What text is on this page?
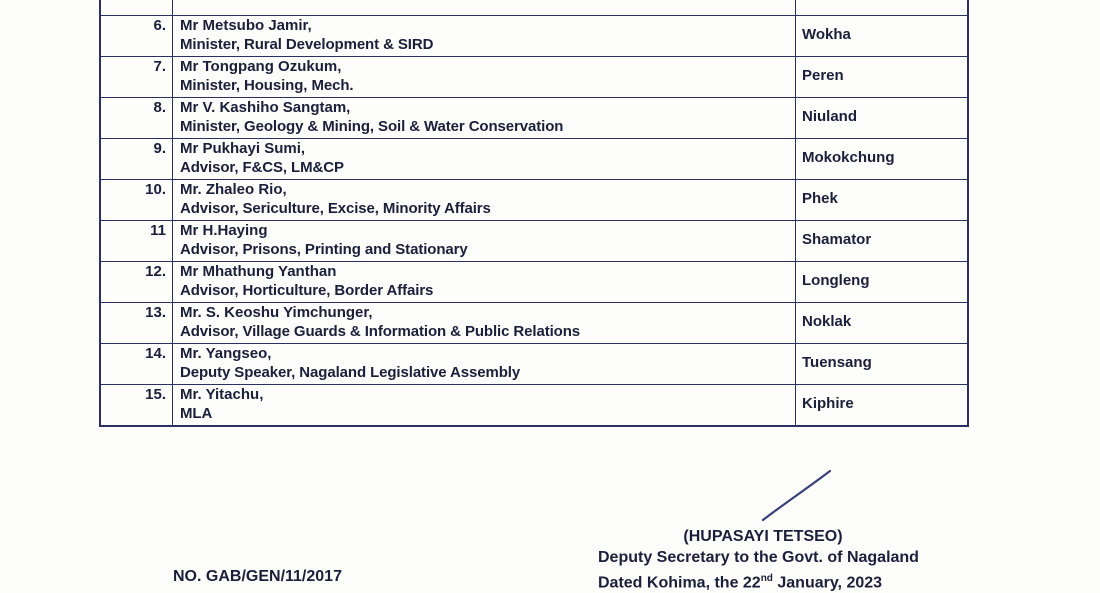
6. Mr Metsubo Jamir,
Minister, Rural Development & SIRD
Wokha
7. Mr Tongpang Ozukum,
Minister, Housing, Mech.
Peren
8. Mr V. Kashiho Sangtam,
Minister, Geology & Mining, Soil & Water Conservation
Niuland
9. Mr Pukhayi Sumi,
Advisor, F&CS, LM&CP
Mokokchung
10. Mr. Zhaleo Rio,
Advisor, Sericulture, Excise, Minority Affairs
Phek
11 Mr H.Haying
Advisor, Prisons, Printing and Stationary
Shamator
12. Mr Mhathung Yanthan
Advisor, Horticulture, Border Affairs
Longleng
13. Mr. S. Keoshu Yimchunger,
Advisor, Village Guards & Information & Public Relations
Noklak
14. Mr. Yangseo,
Deputy Speaker, Nagaland Legislative Assembly
Tuensang
15. Mr. Yitachu,
MLA
Kiphire
(HUPASAYI TETSEO)
Deputy Secretary to the Govt. of Nagaland
Dated Kohima, the 22nd January, 2023
NO. GAB/GEN/11/2017
